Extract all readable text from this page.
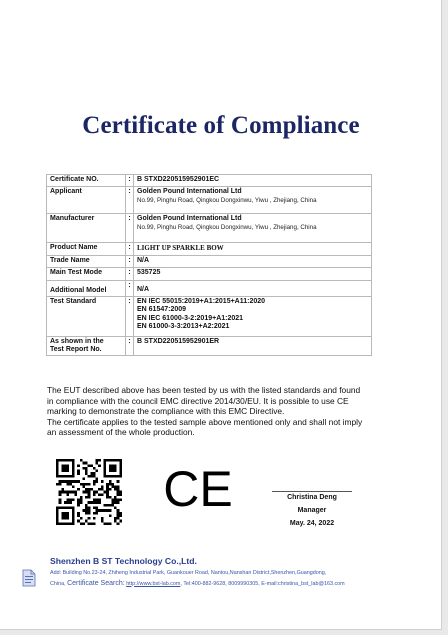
Certificate of Compliance
Certificate NO.	:	B STXD220515952901EC
Applicant	:	Golden Pound International Ltd
No.99, Pinghu Road, Qingkou Dongxinwu, Yiwu , Zhejiang, China

Manufacturer	:	Golden Pound International Ltd
No.99, Pinghu Road, Qingkou Dongxinwu, Yiwu , Zhejiang, China

Product Name	:	LIGHT UP SPARKLE BOW
Trade Name	:	N/A
Main Test Mode	:	535725
Additional Model	:	N/A
Test Standard	:	EN IEC 55015:2019+A1:2015+A11:2020
EN 61547:2009
EN IEC 61000-3-2:2019+A1:2021
EN 61000-3-3:2013+A2:2021

As shown in the
Test Report No.	:	B STXD220515952901ER
The EUT described above has been tested by us with the listed standards and found
in compliance with the council EMC directive 2014/30/EU. It is possible to use CE
marking to demonstrate the compliance with this EMC Directive.
The certificate applies to the tested sample above mentioned only and shall not imply
an assessment of the whole production.
CE	Christina Deng
Manager
May. 24, 2022
Shenzhen B ST Technology Co.,Ltd.
Add: Building No.23-24, Zhiheng Industrial Park, Guankouer Road, Nantou,Nanshan District,Shenzhen,Guangdong,
China, Certificate Search: http://www.bst-lab.com, Tel:400-882-9628, 8009990305, E-mail:christina_bst_lab@163.com
